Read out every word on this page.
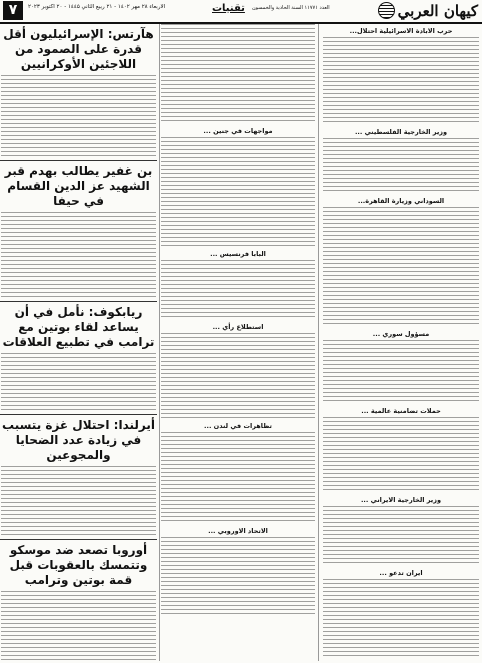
۷	الاربعاء ۲۸ مهر ۱٤۰۲ - ۲۱ ربيع الثاني ۱٤٤۵ - ۲۰ اكتوبر ۲۰۲۳	تقنيات العدد ١١٧٧١ السنة الحادية والخمسون	كيهان العربي
حرب الابادة الاسرائيلية احتلال...
وزير الخارجية الفلسطيني ...
السوداني وزيارة القاهرة...
مسؤول سوري ...
حملات تضامنية عالمية ...
وزير الخارجية الايراني ...
ايران تدعو ...
مواجهات في جنين ...
البابا فرنسيس ...
استطلاع رأي ...
تظاهرات في لندن ...
الاتحاد الاوروبي ...
هآرتس: الإسرائيليون أقل قدرة على الصمود من اللاجئين الأوكرانيين
بن غفير يطالب بهدم قبر الشهيد عز الدين القسام في حيفا
ريابكوف: نأمل في أن يساعد لقاء بوتين مع ترامب في تطبيع العلاقات
أيرلندا: احتلال غزة يتسبب في زيادة عدد الضحايا والمجوعين
أوروبا تصعد ضد موسكو وتتمسك بالعقوبات قبل قمة بوتين وترامب
